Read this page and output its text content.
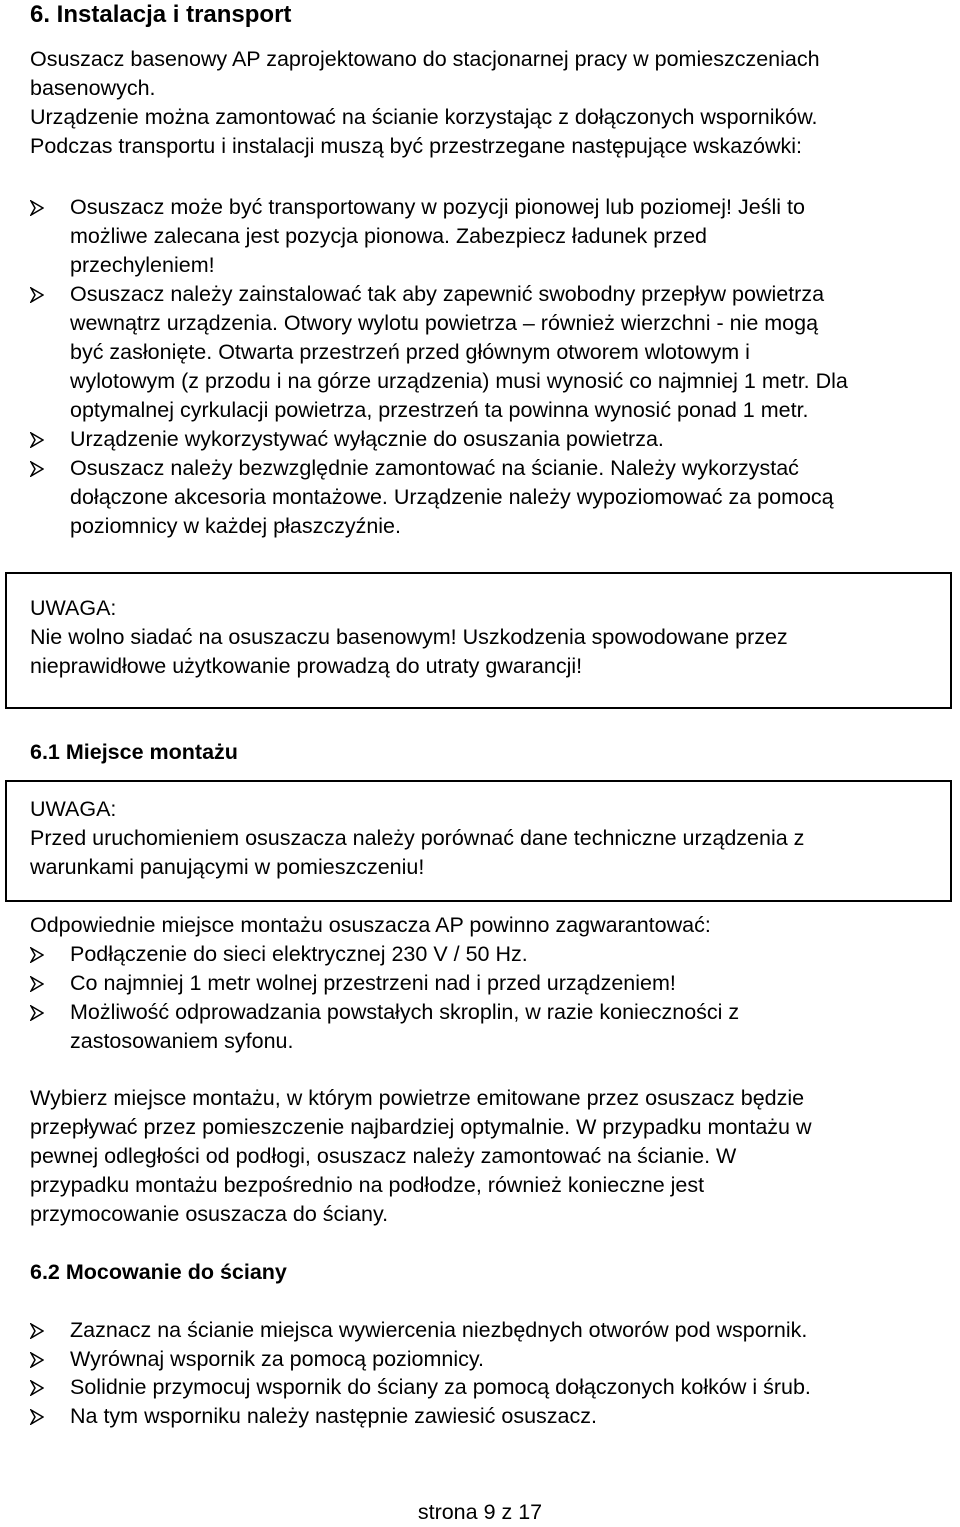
6. Instalacja i transport
Osuszacz basenowy AP zaprojektowano do stacjonarnej pracy w pomieszczeniach
basenowych.
Urządzenie można zamontować na ścianie korzystając z dołączonych wsporników.
Podczas transportu i instalacji muszą być przestrzegane następujące wskazówki:
Osuszacz może być transportowany w pozycji pionowej lub poziomej! Jeśli to
możliwe zalecana jest pozycja pionowa. Zabezpiecz ładunek przed
przechyleniem!
Osuszacz należy zainstalować tak aby zapewnić swobodny przepływ powietrza
wewnątrz urządzenia. Otwory wylotu powietrza – również wierzchni - nie mogą
być zasłonięte. Otwarta przestrzeń przed głównym otworem wlotowym i
wylotowym (z przodu i na górze urządzenia) musi wynosić co najmniej 1 metr. Dla
optymalnej cyrkulacji powietrza, przestrzeń ta powinna wynosić ponad 1 metr.
Urządzenie wykorzystywać wyłącznie do osuszania powietrza.
Osuszacz należy bezwzględnie zamontować na ścianie. Należy wykorzystać
dołączone akcesoria montażowe. Urządzenie należy wypoziomować za pomocą
poziomnicy w każdej płaszczyźnie.
UWAGA:
Nie wolno siadać na osuszaczu basenowym! Uszkodzenia spowodowane przez
nieprawidłowe użytkowanie prowadzą do utraty gwarancji!
6.1 Miejsce montażu
UWAGA:
Przed uruchomieniem osuszacza należy porównać dane techniczne urządzenia z
warunkami panującymi w pomieszczeniu!
Odpowiednie miejsce montażu osuszacza AP powinno zagwarantować:
Podłączenie do sieci elektrycznej 230 V / 50 Hz.
Co najmniej 1 metr wolnej przestrzeni nad i przed urządzeniem!
Możliwość odprowadzania powstałych skroplin, w razie konieczności z
zastosowaniem syfonu.
Wybierz miejsce montażu, w którym powietrze emitowane przez osuszacz będzie
przepływać przez pomieszczenie najbardziej optymalnie. W przypadku montażu w
pewnej odległości od podłogi, osuszacz należy zamontować na ścianie. W
przypadku montażu bezpośrednio na podłodze, również konieczne jest
przymocowanie osuszacza do ściany.
6.2 Mocowanie do ściany
Zaznacz na ścianie miejsca wywiercenia niezbędnych otworów pod wspornik.
Wyrównaj wspornik za pomocą poziomnicy.
Solidnie przymocuj wspornik do ściany za pomocą dołączonych kołków i śrub.
Na tym wsporniku należy następnie zawiesić osuszacz.
strona 9 z 17
